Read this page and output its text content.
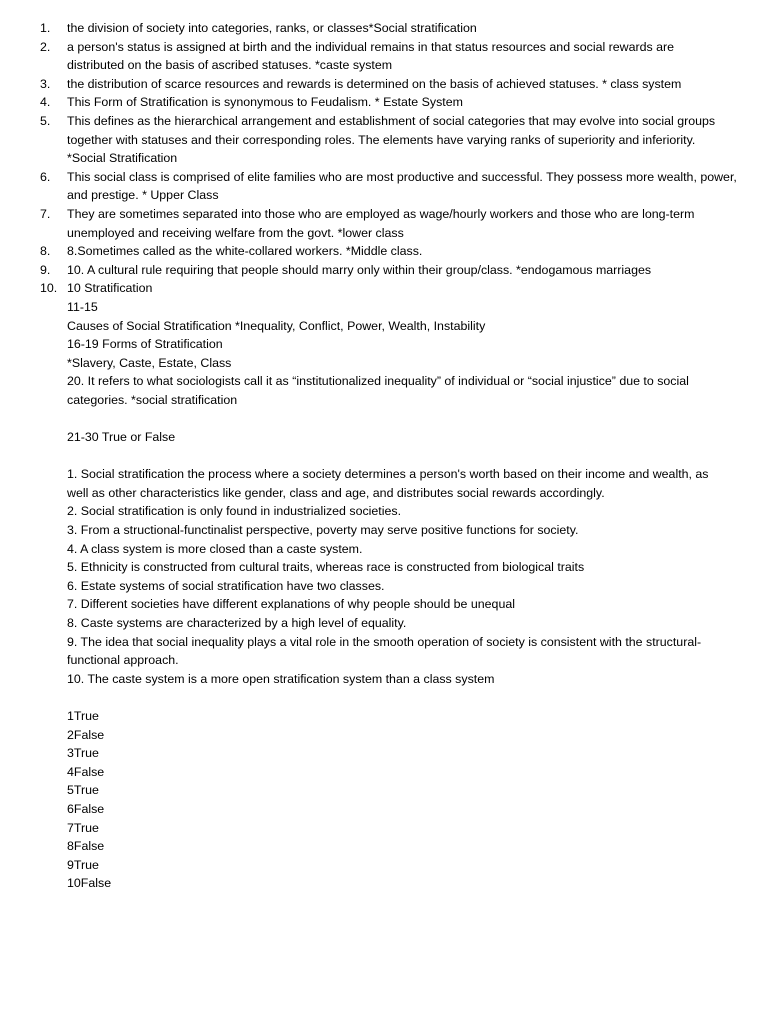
1. the division of society into categories, ranks, or classes*Social stratification
2. a person's status is assigned at birth and the individual remains in that status resources and social rewards are
distributed on the basis of ascribed statuses. *caste system
3. the distribution of scarce resources and rewards is determined on the basis of achieved statuses. * class system
4. This Form of Stratification is synonymous to Feudalism. * Estate System
5. This defines as the hierarchical arrangement and establishment of social categories that may evolve into social groups
together with statuses and their corresponding roles. The elements have varying ranks of superiority and inferiority.
*Social Stratification
6. This social class is comprised of elite families who are most productive and successful. They possess more wealth, power,
and prestige. * Upper Class
7. They are sometimes separated into those who are employed as wage/hourly workers and those who are long-term
unemployed and receiving welfare from the govt. *lower class
8. 8.Sometimes called as the white-collared workers. *Middle class.
9. 10. A cultural rule requiring that people should marry only within their group/class. *endogamous marriages
10. 10 Stratification
11-15
Causes of Social Stratification *Inequality, Conflict, Power, Wealth, Instability
16-19 Forms of Stratification
*Slavery, Caste, Estate, Class
20. It refers to what sociologists call it as “institutionalized inequality” of individual or “social injustice” due to social
categories. *social stratification
21-30 True or False
1. Social stratification the process where a society determines a person's worth based on their income and wealth, as
well as other characteristics like gender, class and age, and distributes social rewards accordingly.
2. Social stratification is only found in industrialized societies.
3. From a structional-functinalist perspective, poverty may serve positive functions for society.
4. A class system is more closed than a caste system.
5. Ethnicity is constructed from cultural traits, whereas race is constructed from biological traits
6. Estate systems of social stratification have two classes.
7. Different societies have different explanations of why people should be unequal
8. Caste systems are characterized by a high level of equality.
9. The idea that social inequality plays a vital role in the smooth operation of society is consistent with the structural-
functional approach.
10. The caste system is a more open stratification system than a class system
1True
2False
3True
4False
5True
6False
7True
8False
9True
10False
